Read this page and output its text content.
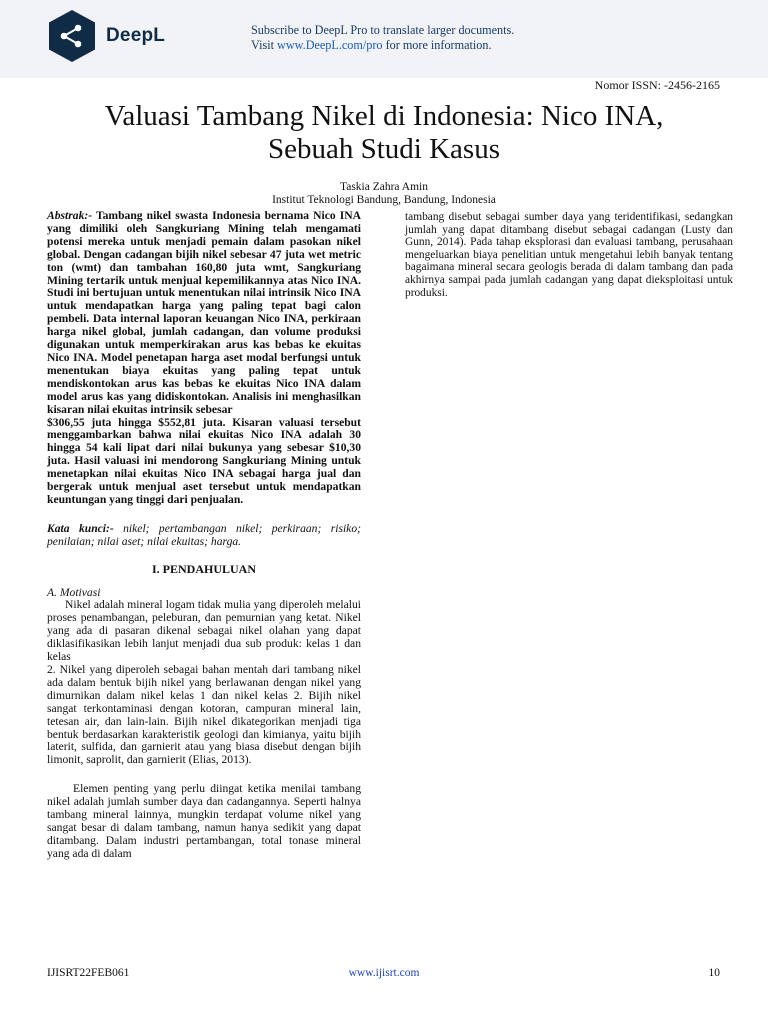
DeepL	Subscribe to DeepL Pro to translate larger documents.
Visit www.DeepL.com/pro for more information.
Nomor ISSN: -2456-2165
Valuasi Tambang Nikel di Indonesia: Nico INA,
Sebuah Studi Kasus
Taskia Zahra Amin
Institut Teknologi Bandung, Bandung, Indonesia

Abstrak:- Tambang nikel swasta Indonesia bernama Nico INA yang dimiliki oleh Sangkuriang Mining telah mengamati potensi mereka untuk menjadi pemain dalam pasokan nikel global. Dengan cadangan bijih nikel sebesar 47 juta wet metric ton (wmt) dan tambahan 160,80 juta wmt, Sangkuriang Mining tertarik untuk menjual kepemilikannya atas Nico INA. Studi ini bertujuan untuk menentukan nilai intrinsik Nico INA untuk mendapatkan harga yang paling tepat bagi calon pembeli. Data internal laporan keuangan Nico INA, perkiraan harga nikel global, jumlah cadangan, dan volume produksi digunakan untuk memperkirakan arus kas bebas ke ekuitas Nico INA. Model penetapan harga aset modal berfungsi untuk menentukan biaya ekuitas yang paling tepat untuk mendiskontokan arus kas bebas ke ekuitas Nico INA dalam model arus kas yang didiskontokan. Analisis ini menghasilkan kisaran nilai ekuitas intrinsik sebesar

$306,55 juta hingga $552,81 juta. Kisaran valuasi tersebut menggambarkan bahwa nilai ekuitas Nico INA adalah 30 hingga 54 kali lipat dari nilai bukunya yang sebesar $10,30 juta. Hasil valuasi ini mendorong Sangkuriang Mining untuk menetapkan nilai ekuitas Nico INA sebagai harga jual dan bergerak untuk menjual aset tersebut untuk mendapatkan keuntungan yang tinggi dari penjualan.

Kata kunci:- nikel; pertambangan nikel; perkiraan; risiko; penilaian; nilai aset; nilai ekuitas; harga.

I. PENDAHULUAN

A. Motivasi

Nikel adalah mineral logam tidak mulia yang diperoleh melalui proses penambangan, peleburan, dan pemurnian yang ketat. Nikel yang ada di pasaran dikenal sebagai nikel olahan yang dapat diklasifikasikan lebih lanjut menjadi dua sub produk: kelas 1 dan kelas

2. Nikel yang diperoleh sebagai bahan mentah dari tambang nikel ada dalam bentuk bijih nikel yang berlawanan dengan nikel yang dimurnikan dalam nikel kelas 1 dan nikel kelas 2. Bijih nikel sangat terkontaminasi dengan kotoran, campuran mineral lain, tetesan air, dan lain-lain. Bijih nikel dikategorikan menjadi tiga bentuk berdasarkan karakteristik geologi dan kimianya, yaitu bijih laterit, sulfida, dan garnierit atau yang biasa disebut dengan bijih limonit, saprolit, dan garnierit (Elias, 2013).

Elemen penting yang perlu diingat ketika menilai tambang nikel adalah jumlah sumber daya dan cadangannya. Seperti halnya tambang mineral lainnya, mungkin terdapat volume nikel yang sangat besar di dalam tambang, namun hanya sedikit yang dapat ditambang. Dalam industri pertambangan, total tonase mineral yang ada di dalam

tambang disebut sebagai sumber daya yang teridentifikasi, sedangkan jumlah yang dapat ditambang disebut sebagai cadangan (Lusty dan Gunn, 2014). Pada tahap eksplorasi dan evaluasi tambang, perusahaan mengeluarkan biaya penelitian untuk mengetahui lebih banyak tentang bagaimana mineral secara geologis berada di dalam tambang dan pada akhirnya sampai pada jumlah cadangan yang dapat dieksploitasi untuk produksi.

IJISRT22FEB061	www.ijisrt.com	10
